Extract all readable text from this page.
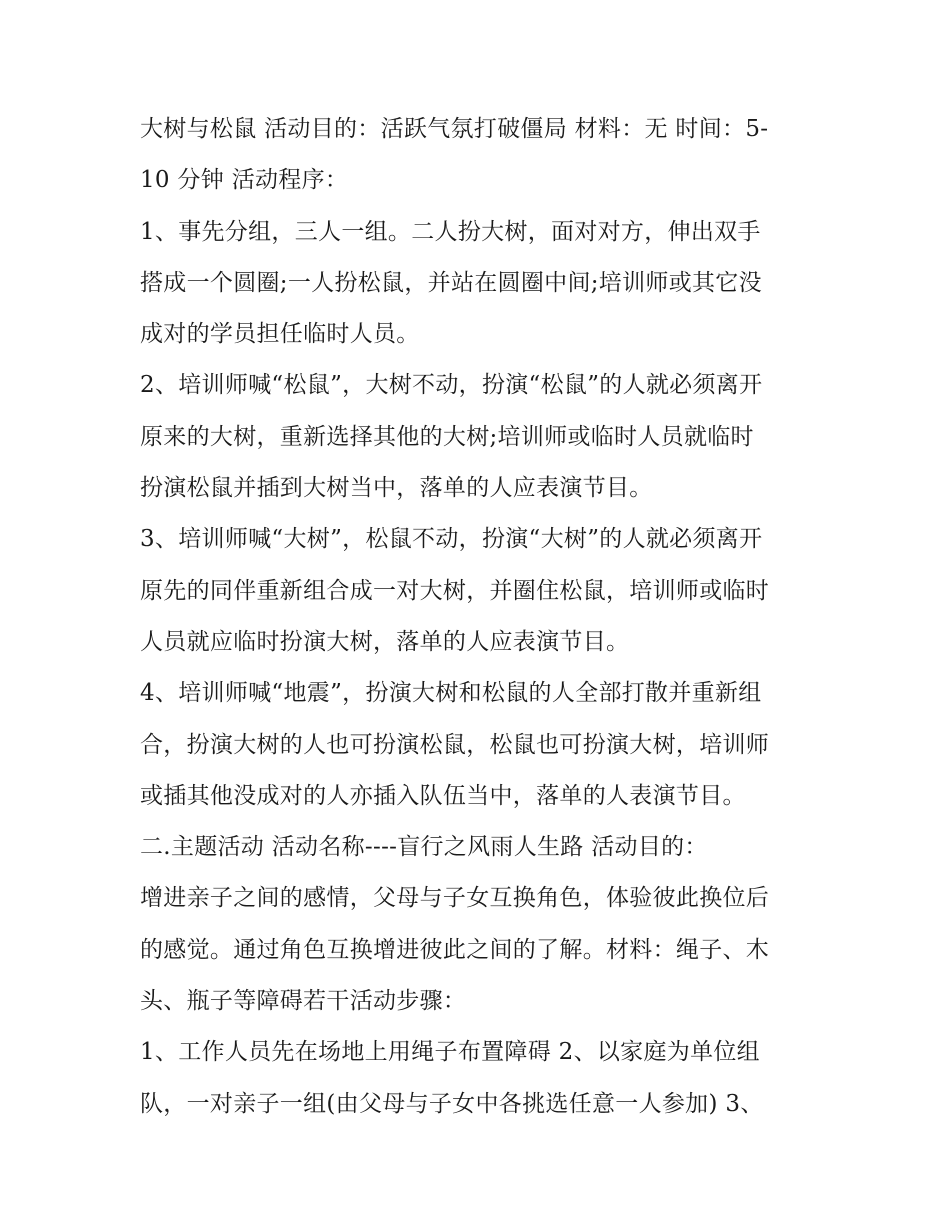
大树与松鼠 活动目的：活跃气氛打破僵局 材料：无 时间：5-
10 分钟 活动程序：
1、事先分组，三人一组。二人扮大树，面对对方，伸出双手
搭成一个圆圈;一人扮松鼠，并站在圆圈中间;培训师或其它没
成对的学员担任临时人员。
2、培训师喊“松鼠”，大树不动，扮演“松鼠”的人就必须离开
原来的大树，重新选择其他的大树;培训师或临时人员就临时
扮演松鼠并插到大树当中，落单的人应表演节目。
3、培训师喊“大树”，松鼠不动，扮演“大树”的人就必须离开
原先的同伴重新组合成一对大树，并圈住松鼠，培训师或临时
人员就应临时扮演大树，落单的人应表演节目。
4、培训师喊“地震”，扮演大树和松鼠的人全部打散并重新组
合，扮演大树的人也可扮演松鼠，松鼠也可扮演大树，培训师
或插其他没成对的人亦插入队伍当中，落单的人表演节目。
二.主题活动 活动名称----盲行之风雨人生路 活动目的：
增进亲子之间的感情，父母与子女互换角色，体验彼此换位后
的感觉。通过角色互换增进彼此之间的了解。材料：绳子、木
头、瓶子等障碍若干活动步骤：
1、工作人员先在场地上用绳子布置障碍 2、以家庭为单位组
队，一对亲子一组(由父母与子女中各挑选任意一人参加) 3、
